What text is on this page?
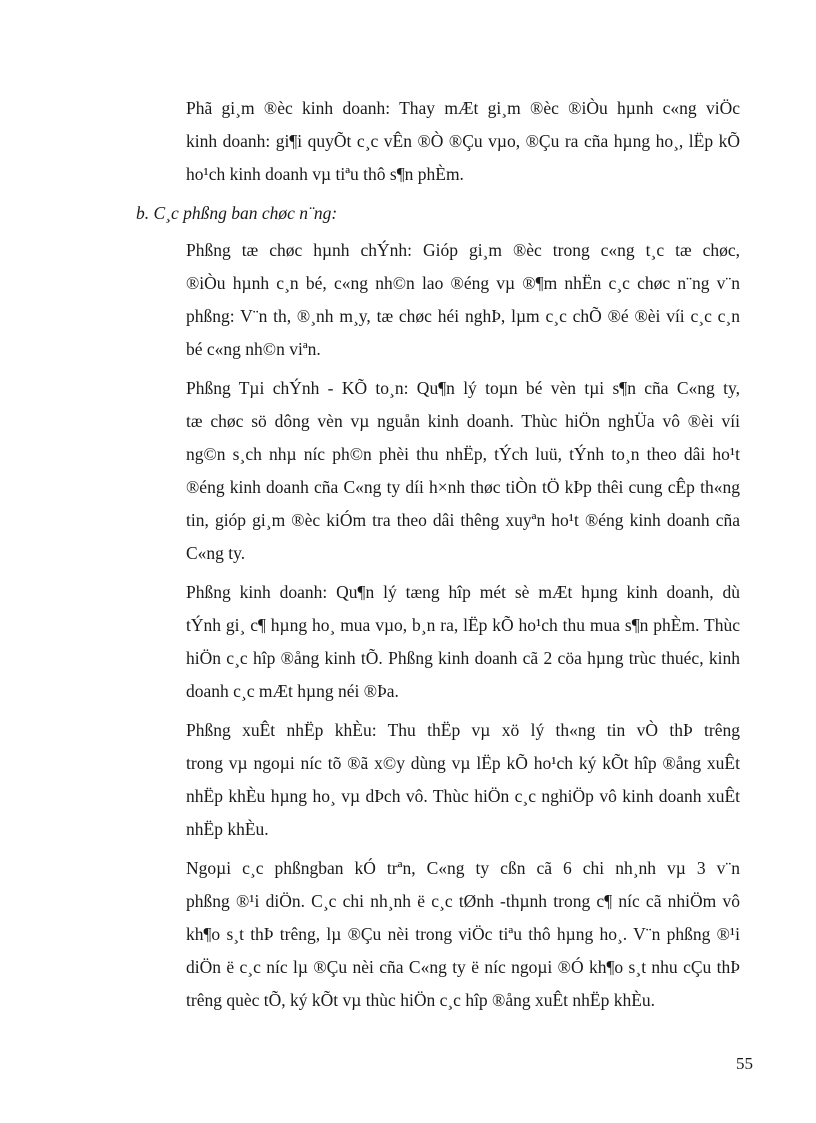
Phã gi¸m ®èc kinh doanh: Thay mÆt gi¸m ®èc ®iÒu hµnh c«ng viÖc
kinh doanh: gi¶i quyÕt c¸c vÊn ®Ò ®Çu vµo, ®Çu ra cña hµng ho¸, lËp kÕ
ho¹ch kinh doanh vµ tiªu thô s¶n phÈm.

b. C¸c phßng ban chøc n¨ng:

Phßng tæ chøc hµnh chÝnh: Gióp gi¸m ®èc trong c«ng t¸c tæ chøc,
®iÒu hµnh c¸n bé, c«ng nh©n lao ®éng vµ ®¶m nhËn c¸c chøc n¨ng v¨n
phßng: V¨n th, ®¸nh m¸y, tæ chøc héi nghÞ, lµm c¸c chÕ ®é ®èi víi c¸c c¸n
bé c«ng nh©n viªn.

Phßng Tµi chÝnh - KÕ to¸n: Qu¶n lý toµn bé vèn tµi s¶n cña C«ng ty,
tæ chøc sö dông vèn vµ nguån kinh doanh. Thùc hiÖn nghÜa vô ®èi víi
ng©n s¸ch nhµ níc ph©n phèi thu nhËp, tÝch luü, tÝnh to¸n theo dâi ho¹t
®éng kinh doanh cña C«ng ty díi h×nh thøc tiÒn tÖ kÞp thêi cung cÊp th«ng
tin, gióp gi¸m ®èc kiÓm tra theo dâi thêng xuyªn ho¹t ®éng kinh doanh cña
C«ng ty.

Phßng kinh doanh: Qu¶n lý tæng hîp mét sè mÆt hµng kinh doanh, dù
tÝnh gi¸ c¶ hµng ho¸ mua vµo, b¸n ra, lËp kÕ ho¹ch thu mua s¶n phÈm. Thùc
hiÖn c¸c hîp ®ång kinh tÕ. Phßng kinh doanh cã 2 cöa hµng trùc thuéc, kinh
doanh c¸c mÆt hµng néi ®Þa.

Phßng xuÊt nhËp khÈu: Thu thËp vµ xö lý th«ng tin vÒ thÞ trêng
trong vµ ngoµi níc tõ ®ã x©y dùng vµ lËp kÕ ho¹ch ký kÕt hîp ®ång xuÊt
nhËp khÈu hµng ho¸ vµ dÞch vô. Thùc hiÖn c¸c nghiÖp vô kinh doanh xuÊt
nhËp khÈu.

Ngoµi c¸c phßngban kÓ trªn, C«ng ty cßn cã 6 chi nh¸nh vµ 3 v¨n
phßng ®¹i diÖn. C¸c chi nh¸nh ë c¸c tØnh -thµnh trong c¶ níc cã nhiÖm vô
kh¶o s¸t thÞ trêng, lµ ®Çu nèi trong viÖc tiªu thô hµng ho¸. V¨n phßng ®¹i
diÖn ë c¸c níc lµ ®Çu nèi cña C«ng ty ë níc ngoµi ®Ó kh¶o s¸t nhu cÇu thÞ
trêng quèc tÕ, ký kÕt vµ thùc hiÖn c¸c hîp ®ång xuÊt nhËp khÈu.

55
